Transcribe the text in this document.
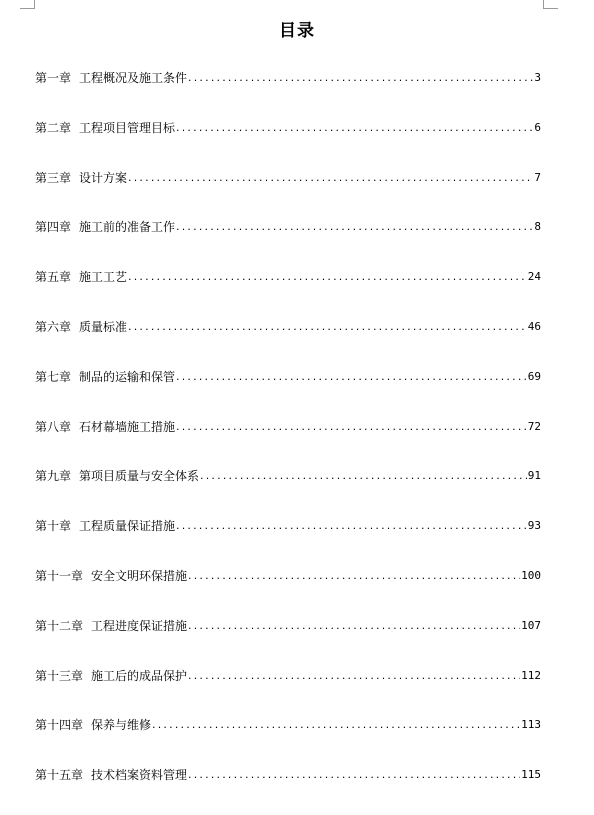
目录
第一章 工程概况及施工条件 .....	3
第二章 工程项目管理目标 .....	6
第三章 设计方案 .....	7
第四章 施工前的准备工作 .....	8
第五章 施工工艺 .....	24
第六章 质量标准 .....	46
第七章 制品的运输和保管 .....	69
第八章 石材幕墙施工措施 .....	72
第九章 第项目质量与安全体系 .....	91
第十章 工程质量保证措施 .....	93
第十一章 安全文明环保措施 .....	100
第十二章 工程进度保证措施 .....	107
第十三章 施工后的成品保护 .....	112
第十四章 保养与维修 .....	113
第十五章 技术档案资料管理 .....	115
